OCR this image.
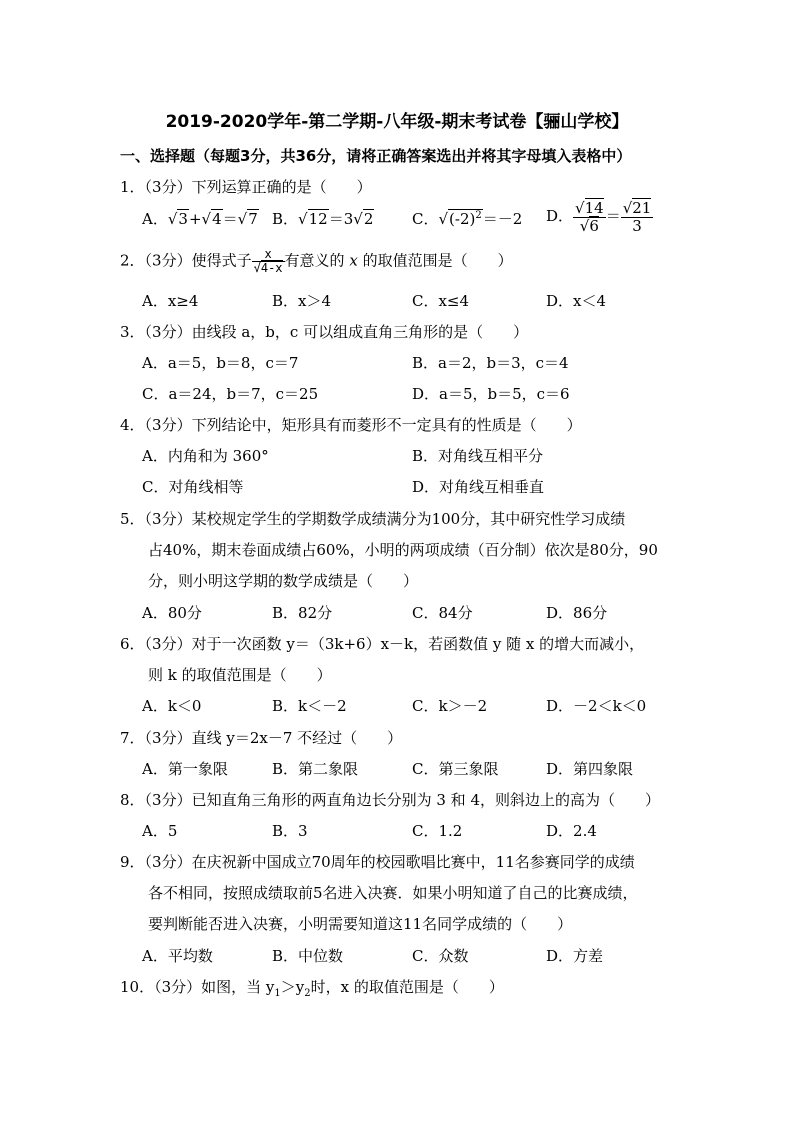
2019-2020学年-第二学期-八年级-期末考试卷【骊山学校】
一、选择题（每题3分，共36分，请将正确答案选出并将其字母填入表格中）
1．（3分）下列运算正确的是（　　）
A．√3+√4＝√7 B．√12＝3√2	C．$√(-2)^2=-2$ D． $\frac{√14}{√6} = \frac{√21}{3}$
2．（3分）使得式子 $\frac{x}{√4-x}$ 有意义的 x 的取值范围是（　　）
A．x≥4	B．x＞4	C．x≤4	D．x＜4
3．（3分）由线段 a，b，c 可以组成直角三角形的是（　　）
A．a＝5，b＝8，c＝7	B．a＝2，b＝3，c＝4
C．a＝24，b＝7，c＝25	D．a＝5，b＝5，c＝6
4．（3分）下列结论中，矩形具有而菱形不一定具有的性质是（　　）
A．内角和为 360°	B．对角线互相平分
C．对角线相等	D．对角线互相垂直
5．（3分）某校规定学生的学期数学成绩满分为100分，其中研究性学习成绩
占40%，期末卷面成绩占60%，小明的两项成绩（百分制）依次是80分，90
分，则小明这学期的数学成绩是（　　）
A．80分	B．82分	C．84分	D．86分
6．（3分）对于一次函数 y＝（3k+6）x－k，若函数值 y 随 x 的增大而减小，
则 k 的取值范围是（　　）
A．k＜0	B．k＜－2	C．k＞－2	D．－2＜k＜0
7．（3分）直线 y＝2x－7 不经过（　　）
A．第一象限	B．第二象限	C．第三象限	D．第四象限
8．（3分）已知直角三角形的两直角边长分别为 3 和 4，则斜边上的高为（　　）
A．5	B．3	C．1.2	D．2.4
9．（3分）在庆祝新中国成立70周年的校园歌唱比赛中，11名参赛同学的成绩
各不相同，按照成绩取前5名进入决赛．如果小明知道了自己的比赛成绩，
要判断能否进入决赛，小明需要知道这11名同学成绩的（　　）
A．平均数	B．中位数	C．众数	D．方差
10．（3分）如图，当 $y_1>y_2$时，x 的取值范围是（　　）
